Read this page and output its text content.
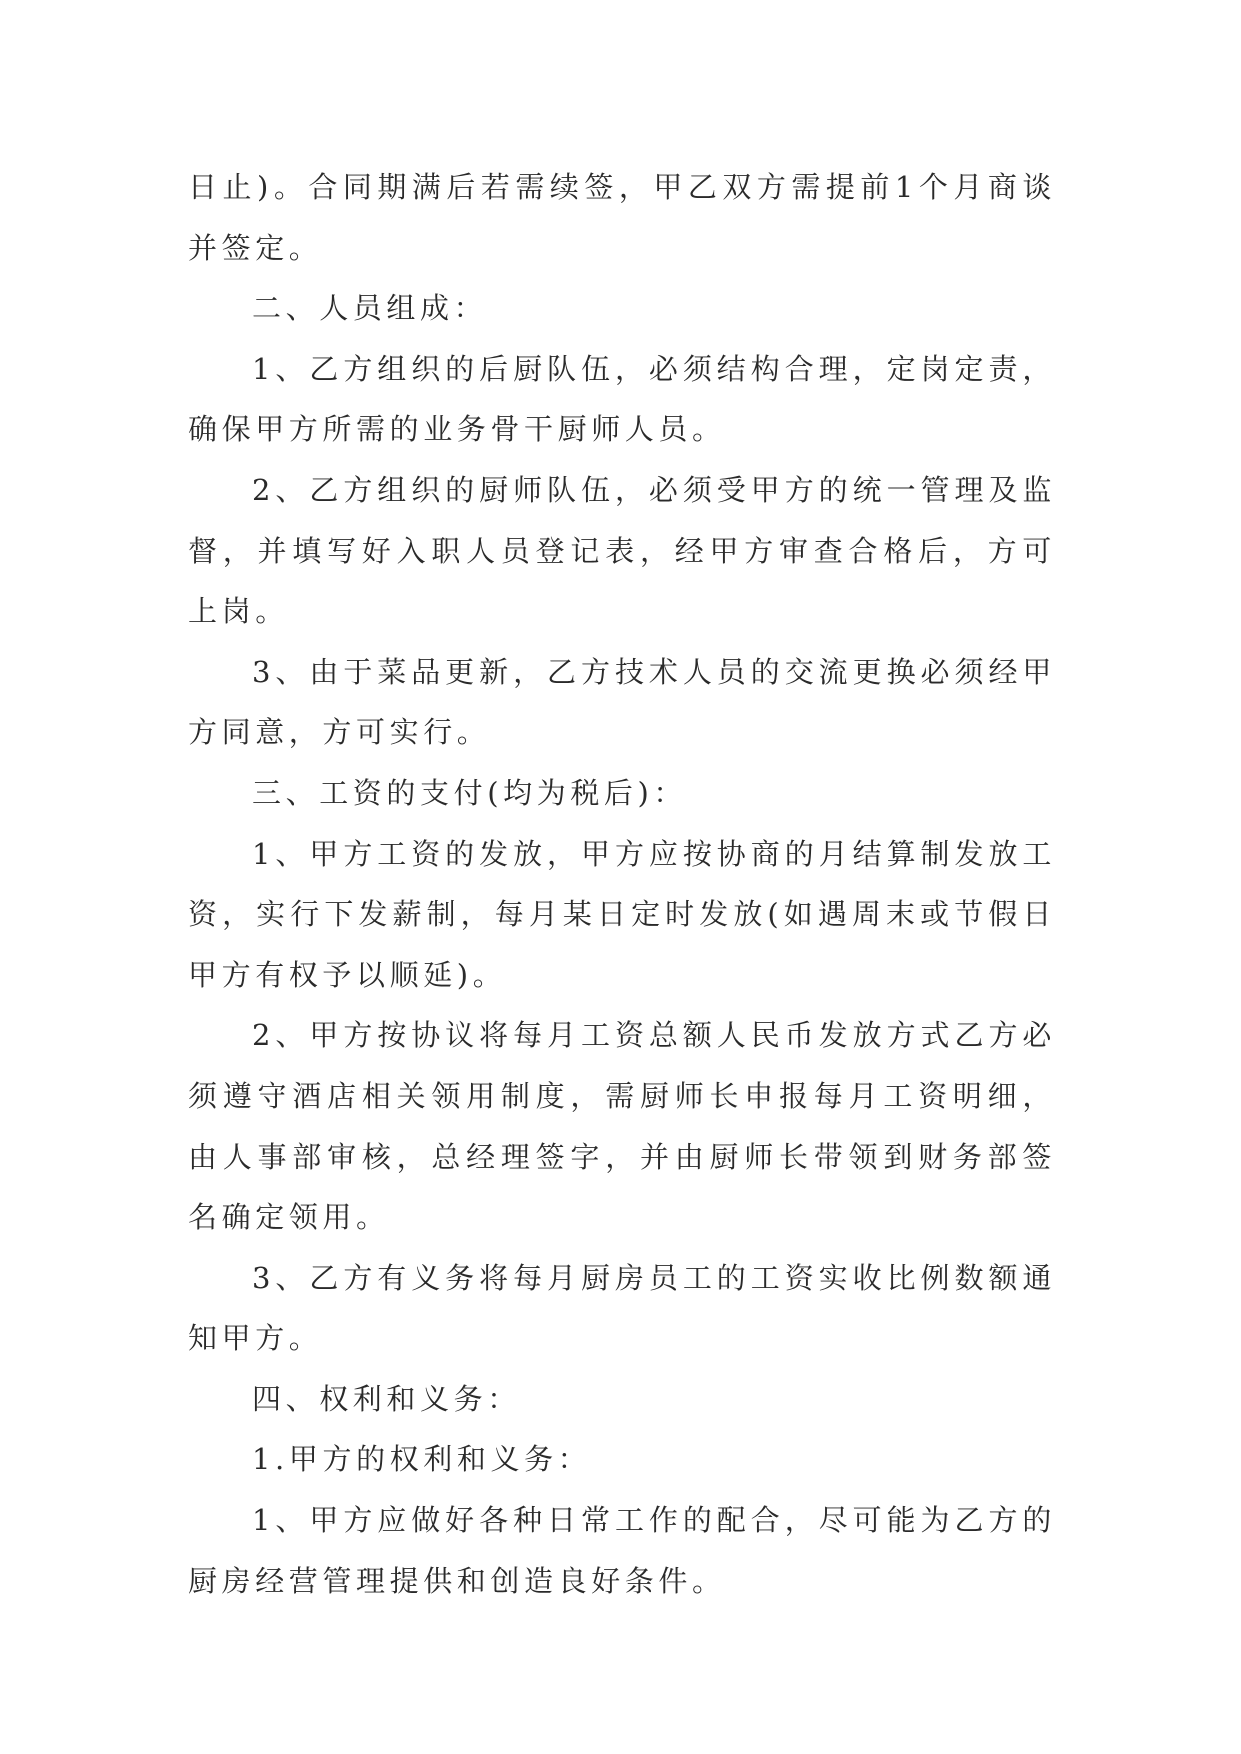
日止)。合同期满后若需续签，甲乙双方需提前1个月商谈并签定。

二、人员组成：

1、乙方组织的后厨队伍，必须结构合理，定岗定责，确保甲方所需的业务骨干厨师人员。

2、乙方组织的厨师队伍，必须受甲方的统一管理及监督，并填写好入职人员登记表，经甲方审查合格后，方可上岗。

3、由于菜品更新，乙方技术人员的交流更换必须经甲方同意，方可实行。

三、工资的支付(均为税后)：

1、甲方工资的发放，甲方应按协商的月结算制发放工资，实行下发薪制，每月某日定时发放(如遇周末或节假日甲方有权予以顺延)。

2、甲方按协议将每月工资总额人民币发放方式乙方必须遵守酒店相关领用制度，需厨师长申报每月工资明细，由人事部审核，总经理签字，并由厨师长带领到财务部签名确定领用。

3、乙方有义务将每月厨房员工的工资实收比例数额通知甲方。

四、权利和义务：

1.甲方的权利和义务：

1、甲方应做好各种日常工作的配合，尽可能为乙方的厨房经营管理提供和创造良好条件。
